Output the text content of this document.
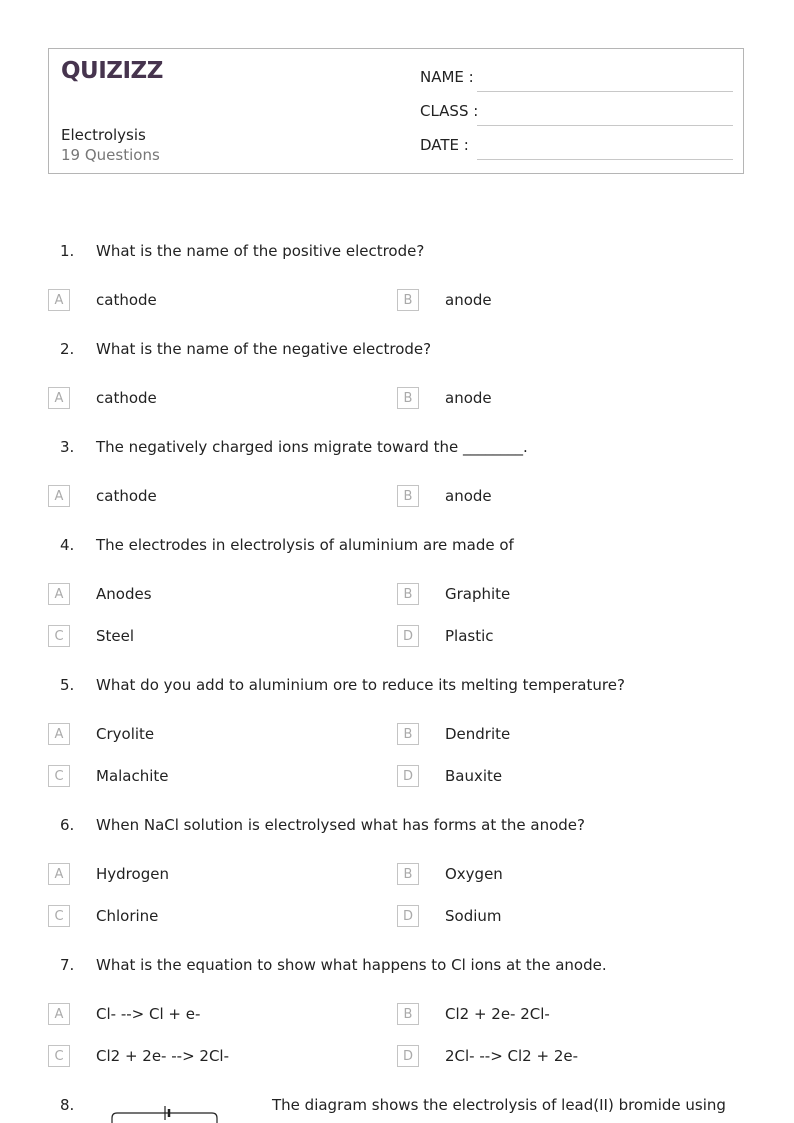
QUIZIZZ
Electrolysis
19 Questions
NAME :
CLASS :
DATE :
1. What is the name of the positive electrode?
A	cathode	B	anode
2. What is the name of the negative electrode?
A	cathode	B	anode
3. The negatively charged ions migrate toward the ________.
A	cathode	B	anode
4. The electrodes in electrolysis of aluminium are made of
A	Anodes	B	Graphite
C	Steel	D	Plastic
5. What do you add to aluminium ore to reduce its melting temperature?
A	Cryolite	B	Dendrite
C	Malachite	D	Bauxite
6. When NaCl solution is electrolysed what has forms at the anode?
A	Hydrogen	B	Oxygen
C	Chlorine	D	Sodium
7. What is the equation to show what happens to Cl ions at the anode.
A	Cl- --> Cl + e-	B	Cl2 + 2e- 2Cl-
C	Cl2 + 2e- --> 2Cl-	D	2Cl- --> Cl2 + 2e-
8.	The diagram shows the electrolysis of lead(II) bromide using
